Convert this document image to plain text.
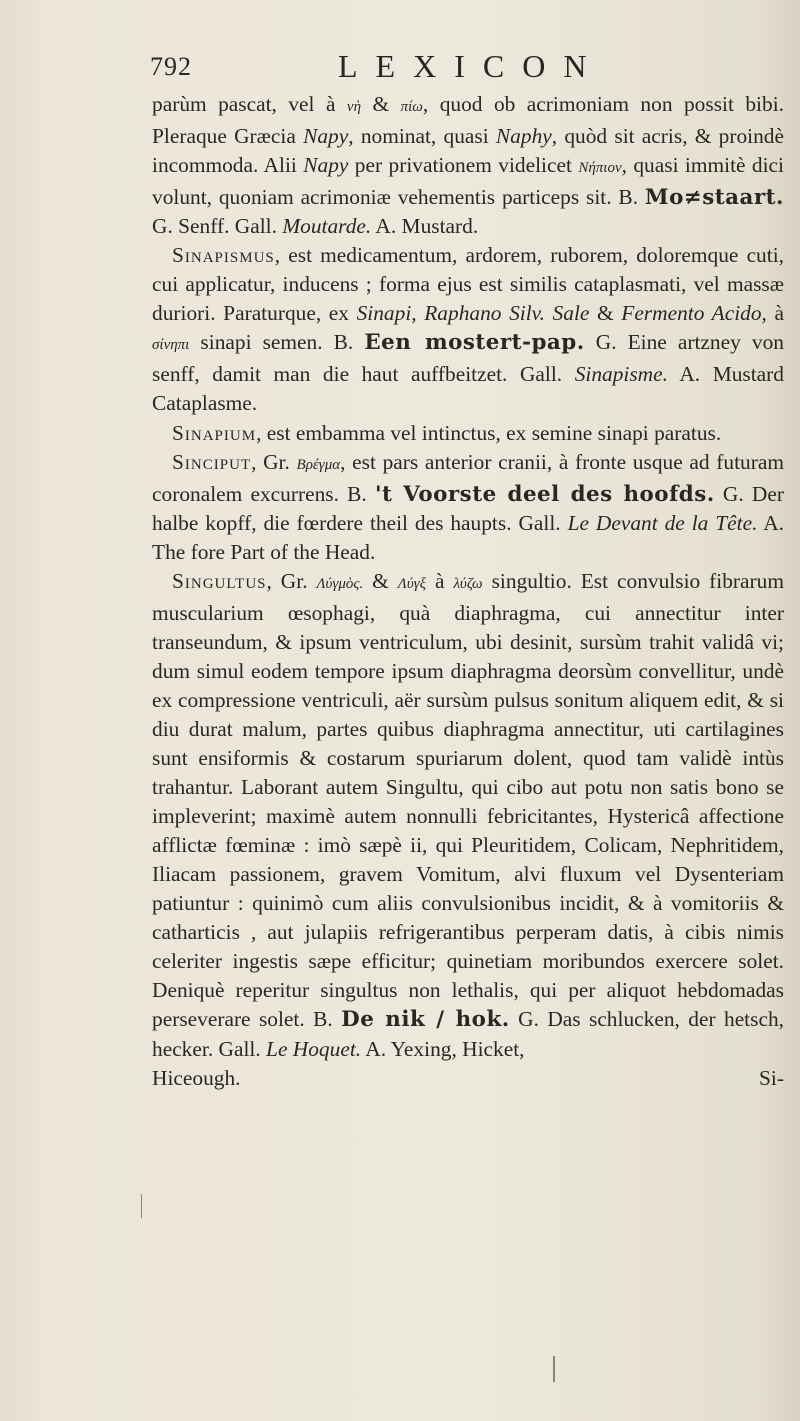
792	LEXICON

parùm pascat, vel à νὴ & πίω, quod ob acrimoniam non possit bibi. Pleraque Græcia Napy, nominat, quasi Naphy, quòd sit acris, & proindè incommoda. Alii Napy per privationem videlicet Νήπιον, quasi immitè dici volunt, quoniam acrimoniæ vehementis particeps sit. B. Mo≠staart. G. Senff. Gall. Moutarde. A. Mustard.

Sinapismus, est medicamentum, ardorem, ruborem, doloremque cuti, cui applicatur, inducens ; forma ejus est similis cataplasmati, vel massæ duriori. Paraturque, ex Sinapi, Raphano Silv. Sale & Fermento Acido, à σίνηπι sinapi semen. B. Een mostert-pap. G. Eine artzney von senff, damit man die haut auffbeitzet. Gall. Sinapisme. A. Mustard Cataplasme.

Sinapium, est embamma vel intinctus, ex semine sinapi paratus.

Sinciput, Gr. Βρέγμα, est pars anterior cranii, à fronte usque ad futuram coronalem excurrens. B. 't Voorste deel des hoofds. G. Der halbe kopff, die fœrdere theil des haupts. Gall. Le Devant de la Tête. A. The fore Part of the Head.

Singultus, Gr. Λύγμὸς. & Λύγξ à λύζω singultio. Est convulsio fibrarum muscularium œsophagi, quà diaphragma, cui annectitur inter transeundum, & ipsum ventriculum, ubi desinit, sursùm trahit validâ vi; dum simul eodem tempore ipsum diaphragma deorsùm convellitur, undè ex compressione ventriculi, aër sursùm pulsus sonitum aliquem edit, & si diu durat malum, partes quibus diaphragma annectitur, uti cartilagines sunt ensiformis & costarum spuriarum dolent, quod tam validè intùs trahantur. Laborant autem Singultu, qui cibo aut potu non satis bono se impleverint; maximè autem nonnulli febricitantes, Hystericâ affectione afflictæ fœminæ : imò sæpè ii, qui Pleuritidem, Colicam, Nephritidem, Iliacam passionem, gravem Vomitum, alvi fluxum vel Dysenteriam patiuntur : quinimò cum aliis convulsionibus incidit, & à vomitoriis & catharticis , aut julapiis refrigerantibus perperam datis, à cibis nimis celeriter ingestis sæpe efficitur; quinetiam moribundos exercere solet. Deniquè reperitur singultus non lethalis, qui per aliquot hebdomadas perseverare solet. B. De nik / hok. G. Das schlucken, der hetsch, hecker. Gall. Le Hoquet. A. Yexing, Hicket,

Hiceough.	Si-
